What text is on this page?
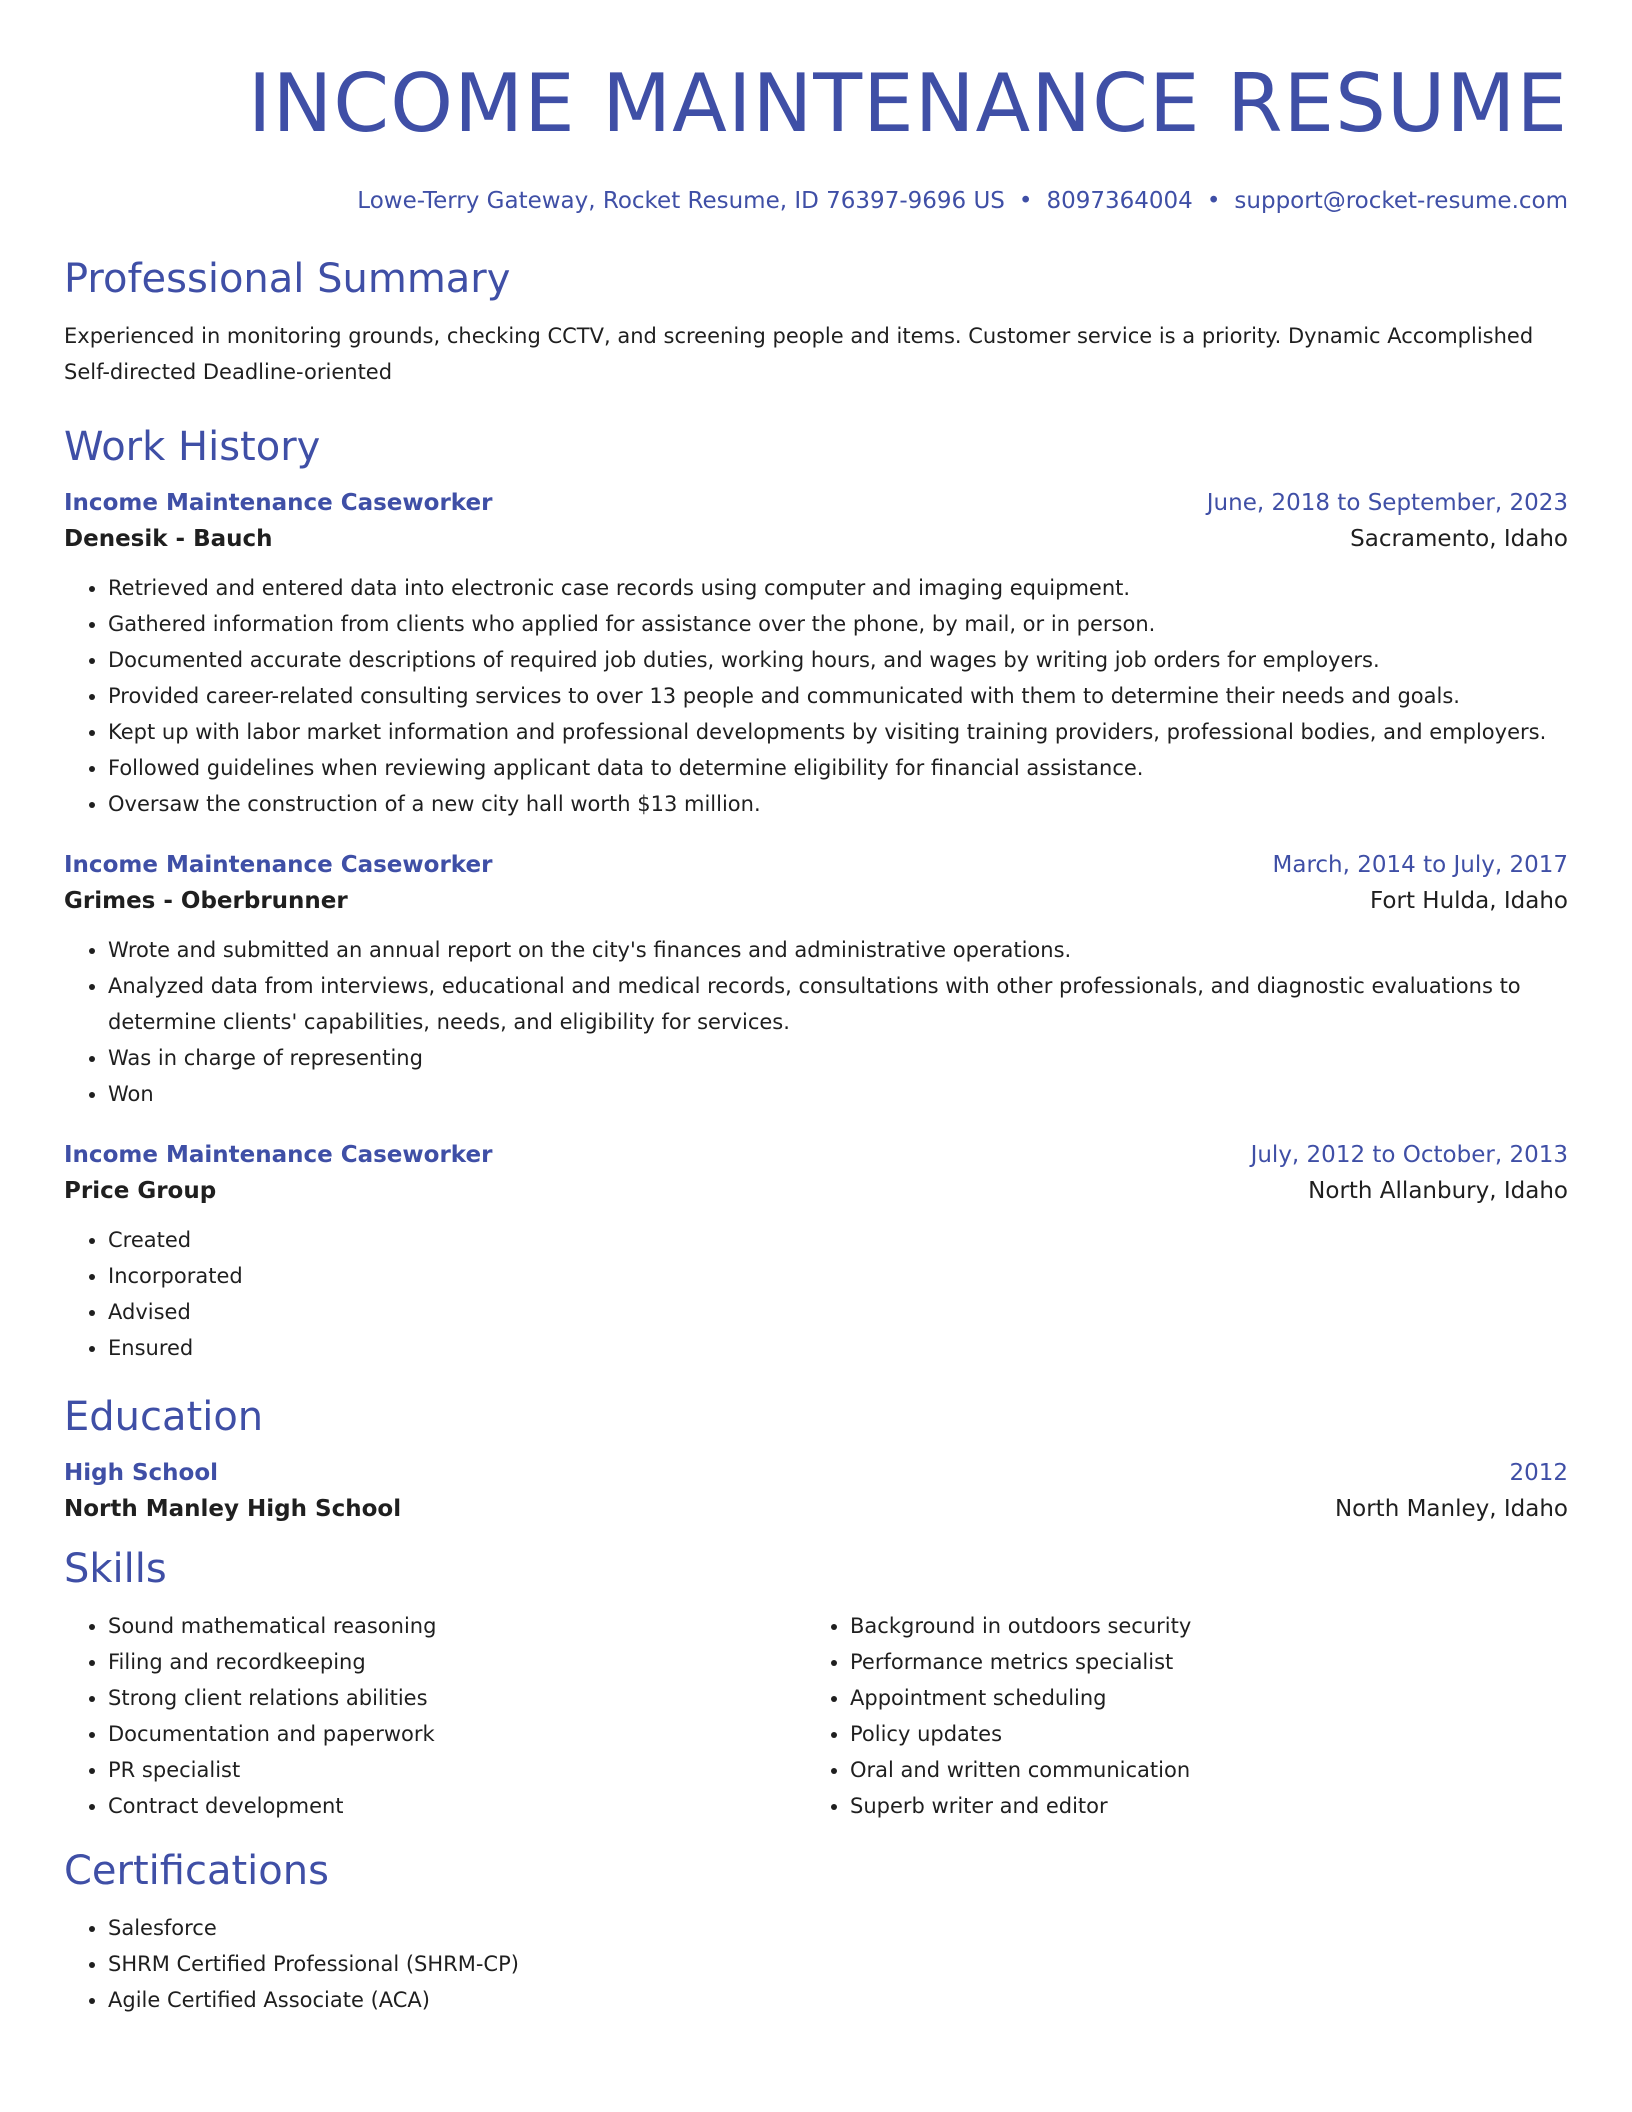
INCOME MAINTENANCE RESUME
Lowe-Terry Gateway, Rocket Resume, ID 76397-9696 US • 8097364004 • support@rocket-resume.com
Professional Summary
Experienced in monitoring grounds, checking CCTV, and screening people and items. Customer service is a priority. Dynamic Accomplished Self-directed Deadline-oriented
Work History
Income Maintenance Caseworker	June, 2018 to September, 2023
Denesik - Bauch	Sacramento, Idaho
• Retrieved and entered data into electronic case records using computer and imaging equipment.
• Gathered information from clients who applied for assistance over the phone, by mail, or in person.
• Documented accurate descriptions of required job duties, working hours, and wages by writing job orders for employers.
• Provided career-related consulting services to over 13 people and communicated with them to determine their needs and goals.
• Kept up with labor market information and professional developments by visiting training providers, professional bodies, and employers.
• Followed guidelines when reviewing applicant data to determine eligibility for financial assistance.
• Oversaw the construction of a new city hall worth $13 million.
Income Maintenance Caseworker	March, 2014 to July, 2017
Grimes - Oberbrunner	Fort Hulda, Idaho
• Wrote and submitted an annual report on the city's finances and administrative operations.
• Analyzed data from interviews, educational and medical records, consultations with other professionals, and diagnostic evaluations to determine clients' capabilities, needs, and eligibility for services.
• Was in charge of representing
• Won
Income Maintenance Caseworker	July, 2012 to October, 2013
Price Group	North Allanbury, Idaho
• Created
• Incorporated
• Advised
• Ensured
Education
High School	2012
North Manley High School	North Manley, Idaho
Skills
• Sound mathematical reasoning
• Filing and recordkeeping
• Strong client relations abilities
• Documentation and paperwork
• PR specialist
• Contract development
• Background in outdoors security
• Performance metrics specialist
• Appointment scheduling
• Policy updates
• Oral and written communication
• Superb writer and editor
Certifications
• Salesforce
• SHRM Certified Professional (SHRM-CP)
• Agile Certified Associate (ACA)
